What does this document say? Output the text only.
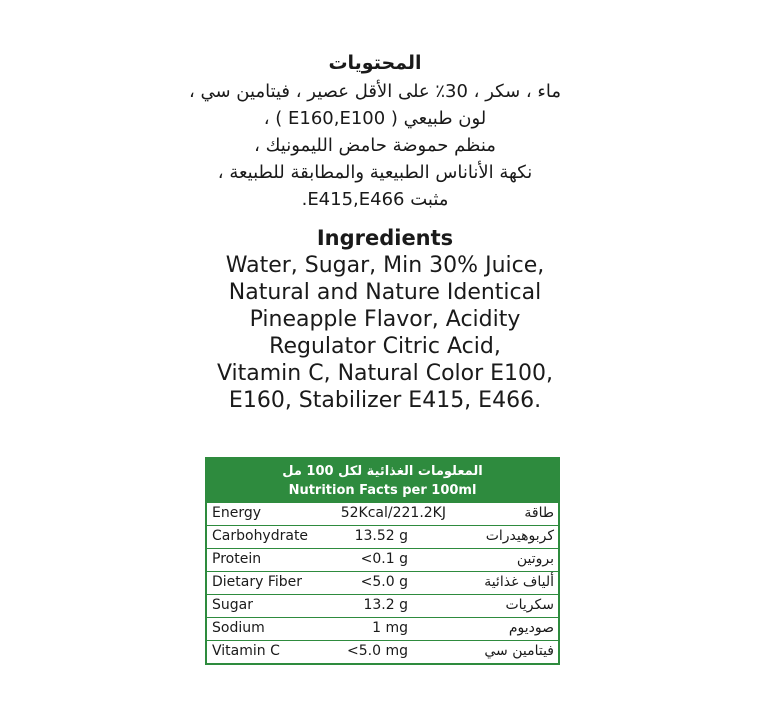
المحتويات

ماء ، سكر ، 30٪ على الأقل عصير ، فيتامين سي ،

لون طبيعي ( E160,E100 ) ،

منظم حموضة حامض الليمونيك ،

نكهة الأناناس الطبيعية والمطابقة للطبيعة ،

مثبت E415,E466.

Ingredients

Water, Sugar, Min 30% Juice,

Natural and Nature Identical

Pineapple Flavor, Acidity

Regulator Citric Acid,

Vitamin C, Natural Color E100,

E160, Stabilizer E415, E466.

المعلومات الغذائية لكل 100 مل
Nutrition Facts per 100ml
Energy	52Kcal/221.2KJ	طاقة
Carbohydrate	13.52 g	كربوهيدرات
Protein	<0.1 g	بروتين
Dietary Fiber	<5.0 g	ألياف غذائية
Sugar	13.2 g	سكريات
Sodium	1 mg	صوديوم
Vitamin C	<5.0 mg	فيتامين سي
